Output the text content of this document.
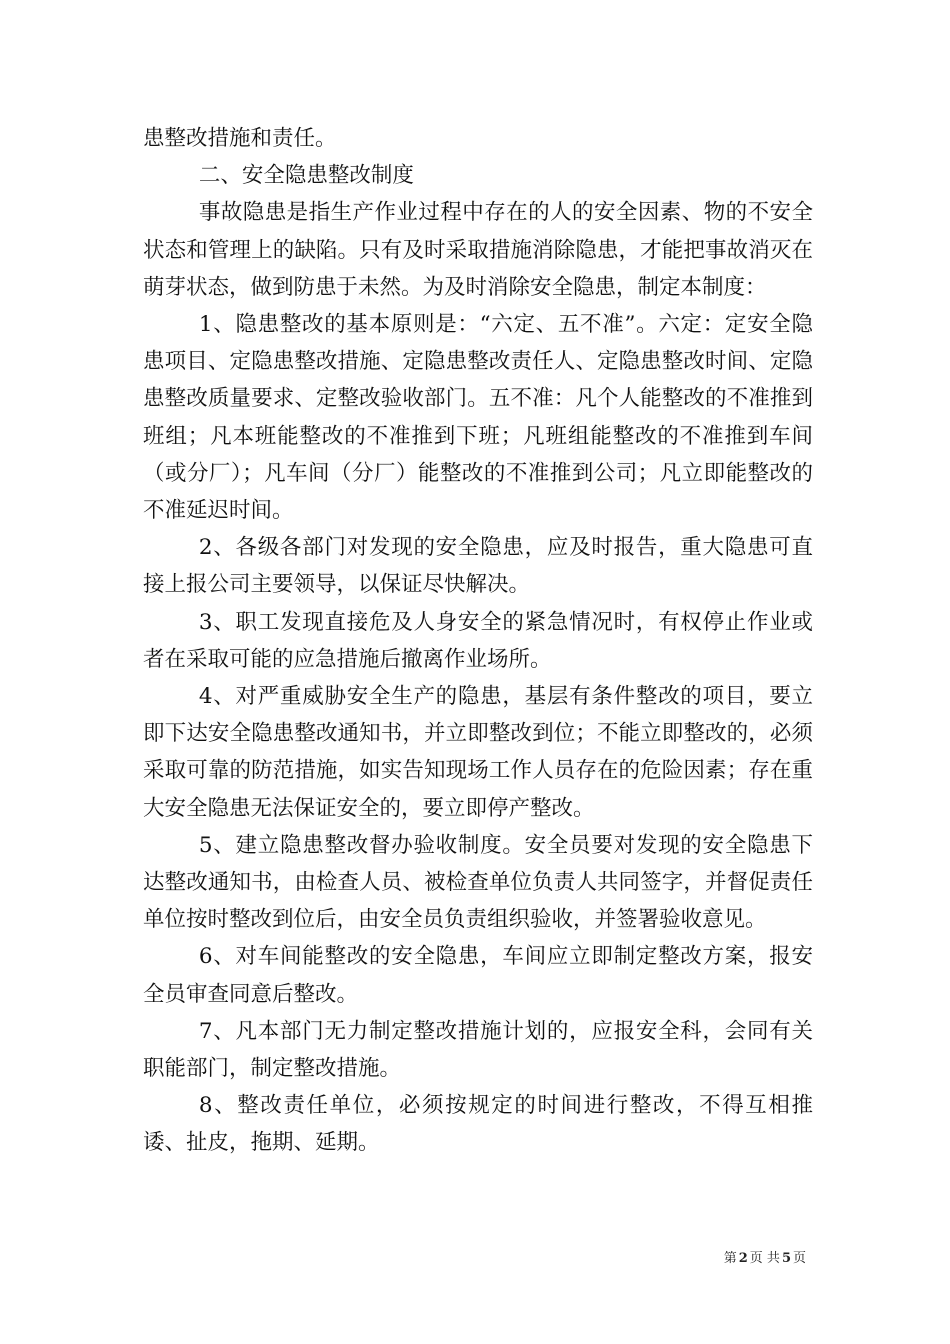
患整改措施和责任。

二、安全隐患整改制度

事故隐患是指生产作业过程中存在的人的安全因素、物的不安全状态和管理上的缺陷。只有及时采取措施消除隐患，才能把事故消灭在萌芽状态，做到防患于未然。为及时消除安全隐患，制定本制度：

1、隐患整改的基本原则是：“六定、五不准”。六定：定安全隐患项目、定隐患整改措施、定隐患整改责任人、定隐患整改时间、定隐患整改质量要求、定整改验收部门。五不准：凡个人能整改的不准推到班组；凡本班能整改的不准推到下班；凡班组能整改的不准推到车间（或分厂）；凡车间（分厂）能整改的不准推到公司；凡立即能整改的不准延迟时间。

2、各级各部门对发现的安全隐患，应及时报告，重大隐患可直接上报公司主要领导，以保证尽快解决。

3、职工发现直接危及人身安全的紧急情况时，有权停止作业或者在采取可能的应急措施后撤离作业场所。

4、对严重威胁安全生产的隐患，基层有条件整改的项目，要立即下达安全隐患整改通知书，并立即整改到位；不能立即整改的，必须采取可靠的防范措施，如实告知现场工作人员存在的危险因素；存在重大安全隐患无法保证安全的，要立即停产整改。

5、建立隐患整改督办验收制度。安全员要对发现的安全隐患下达整改通知书，由检查人员、被检查单位负责人共同签字，并督促责任单位按时整改到位后，由安全员负责组织验收，并签署验收意见。

6、对车间能整改的安全隐患，车间应立即制定整改方案，报安全员审查同意后整改。

7、凡本部门无力制定整改措施计划的，应报安全科，会同有关职能部门，制定整改措施。

8、整改责任单位，必须按规定的时间进行整改，不得互相推诿、扯皮，拖期、延期。

第 2 页 共 5 页
